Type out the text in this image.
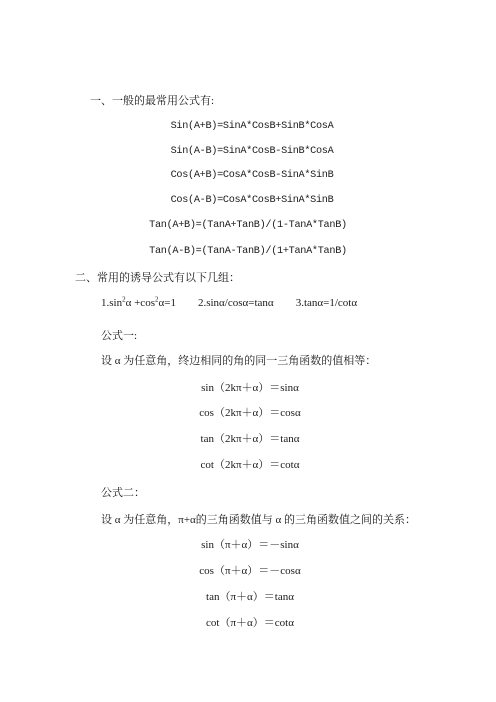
一、一般的最常用公式有:
Sin(A+B)=SinA*CosB+SinB*CosA
Sin(A-B)=SinA*CosB-SinB*CosA
Cos(A+B)=CosA*CosB-SinA*SinB
Cos(A-B)=CosA*CosB+SinA*SinB
Tan(A+B)=(TanA+TanB)/(1-TanA*TanB)
Tan(A-B)=(TanA-TanB)/(1+TanA*TanB)
二、常用的诱导公式有以下几组：
$1.\sin^2\alpha +\cos^2\alpha=1$ 2.sinα/cosα=tanα 3.tanα=1/cotα
公式一:
设 α 为任意角，终边相同的角的同一三角函数的值相等：
sin（2kπ＋α）＝sinα
cos（2kπ＋α）＝cosα
tan（2kπ＋α）＝tanα
cot（2kπ＋α）＝cotα
公式二：
设 α 为任意角，π+α的三角函数值与 α 的三角函数值之间的关系：
sin（π＋α）＝－sinα
cos（π＋α）＝－cosα
tan（π＋α）＝tanα
cot（π＋α）＝cotα
